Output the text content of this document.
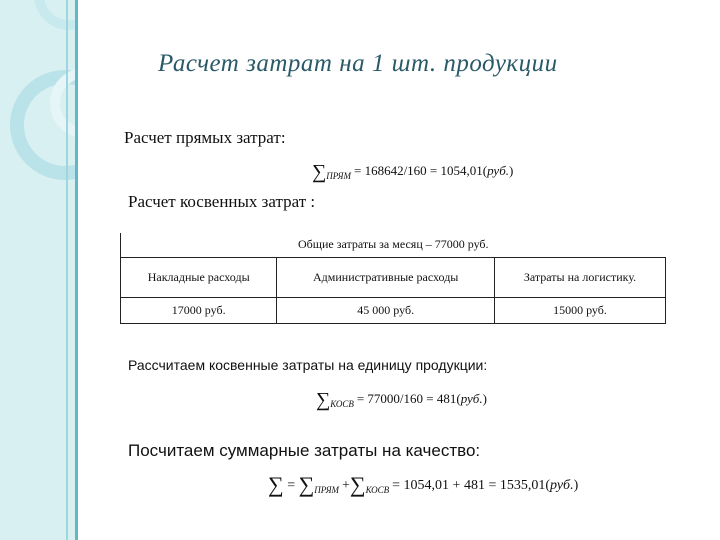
Расчет затрат на 1 шт. продукции
Расчет прямых затрат:
$\sum_{ПРЯМ} = 168642/160 = 1054,01(руб.)$
Расчет косвенных затрат :
Общие затраты за месяц – 77000 руб.		
Накладные расходы	Административные расходы	Затраты на логистику.
17000 руб.	45 000 руб.	15000 руб.
Рассчитаем косвенные затраты на единицу продукции:
$\sum_{КОСВ} = 77000/160 = 481(руб.)$
Посчитаем суммарные затраты на качество:
∑ = $\sum_{ПРЯМ} +\sum_{КОСВ} = 1054,01 + 481 = 1535,01(руб.)$
